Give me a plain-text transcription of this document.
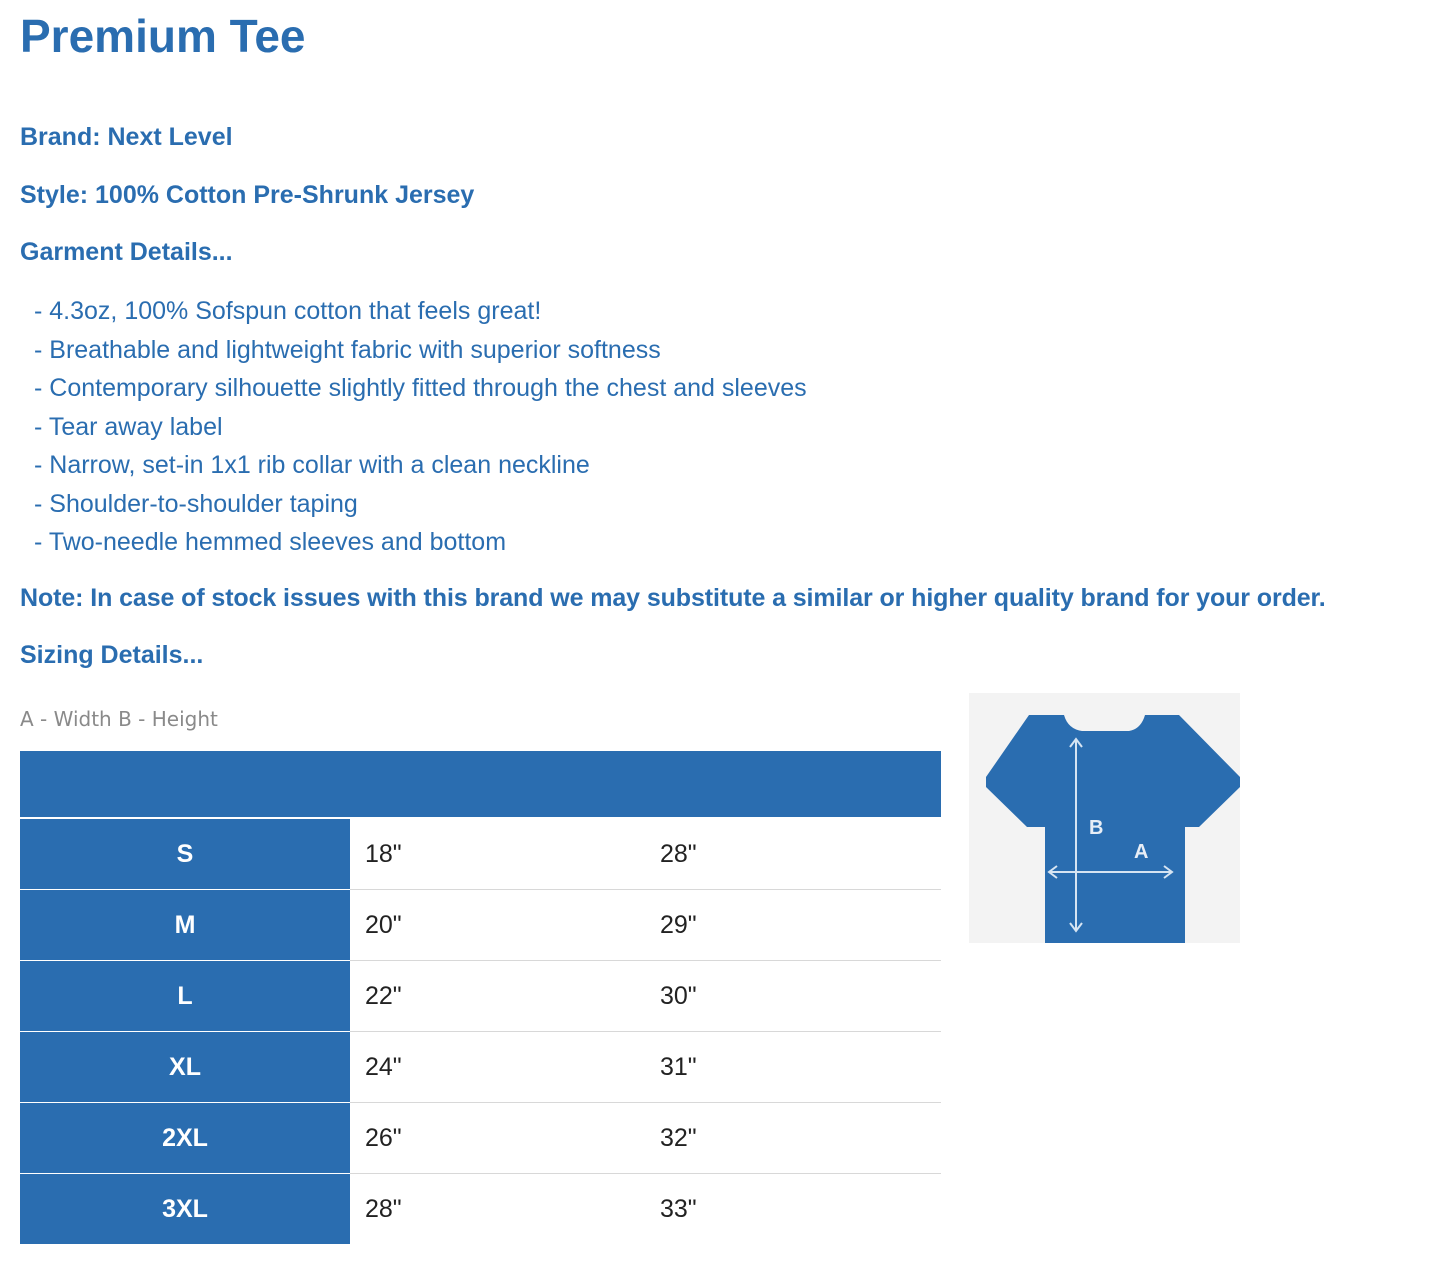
Premium Tee

Brand: Next Level

Style: 100% Cotton Pre-Shrunk Jersey

Garment Details...

- 4.3oz, 100% Sofspun cotton that feels great!
- Breathable and lightweight fabric with superior softness
- Contemporary silhouette slightly fitted through the chest and sleeves
- Tear away label
- Narrow, set-in 1x1 rib collar with a clean neckline
- Shoulder-to-shoulder taping
- Two-needle hemmed sleeves and bottom

Note: In case of stock issues with this brand we may substitute a similar or higher quality brand for your order.

Sizing Details...

A - Width B - Height

S	18"	28"
M	20"	29"
L	22"	30"
XL	24"	31"
2XL	26"	32"
3XL	28"	33"
B
A
